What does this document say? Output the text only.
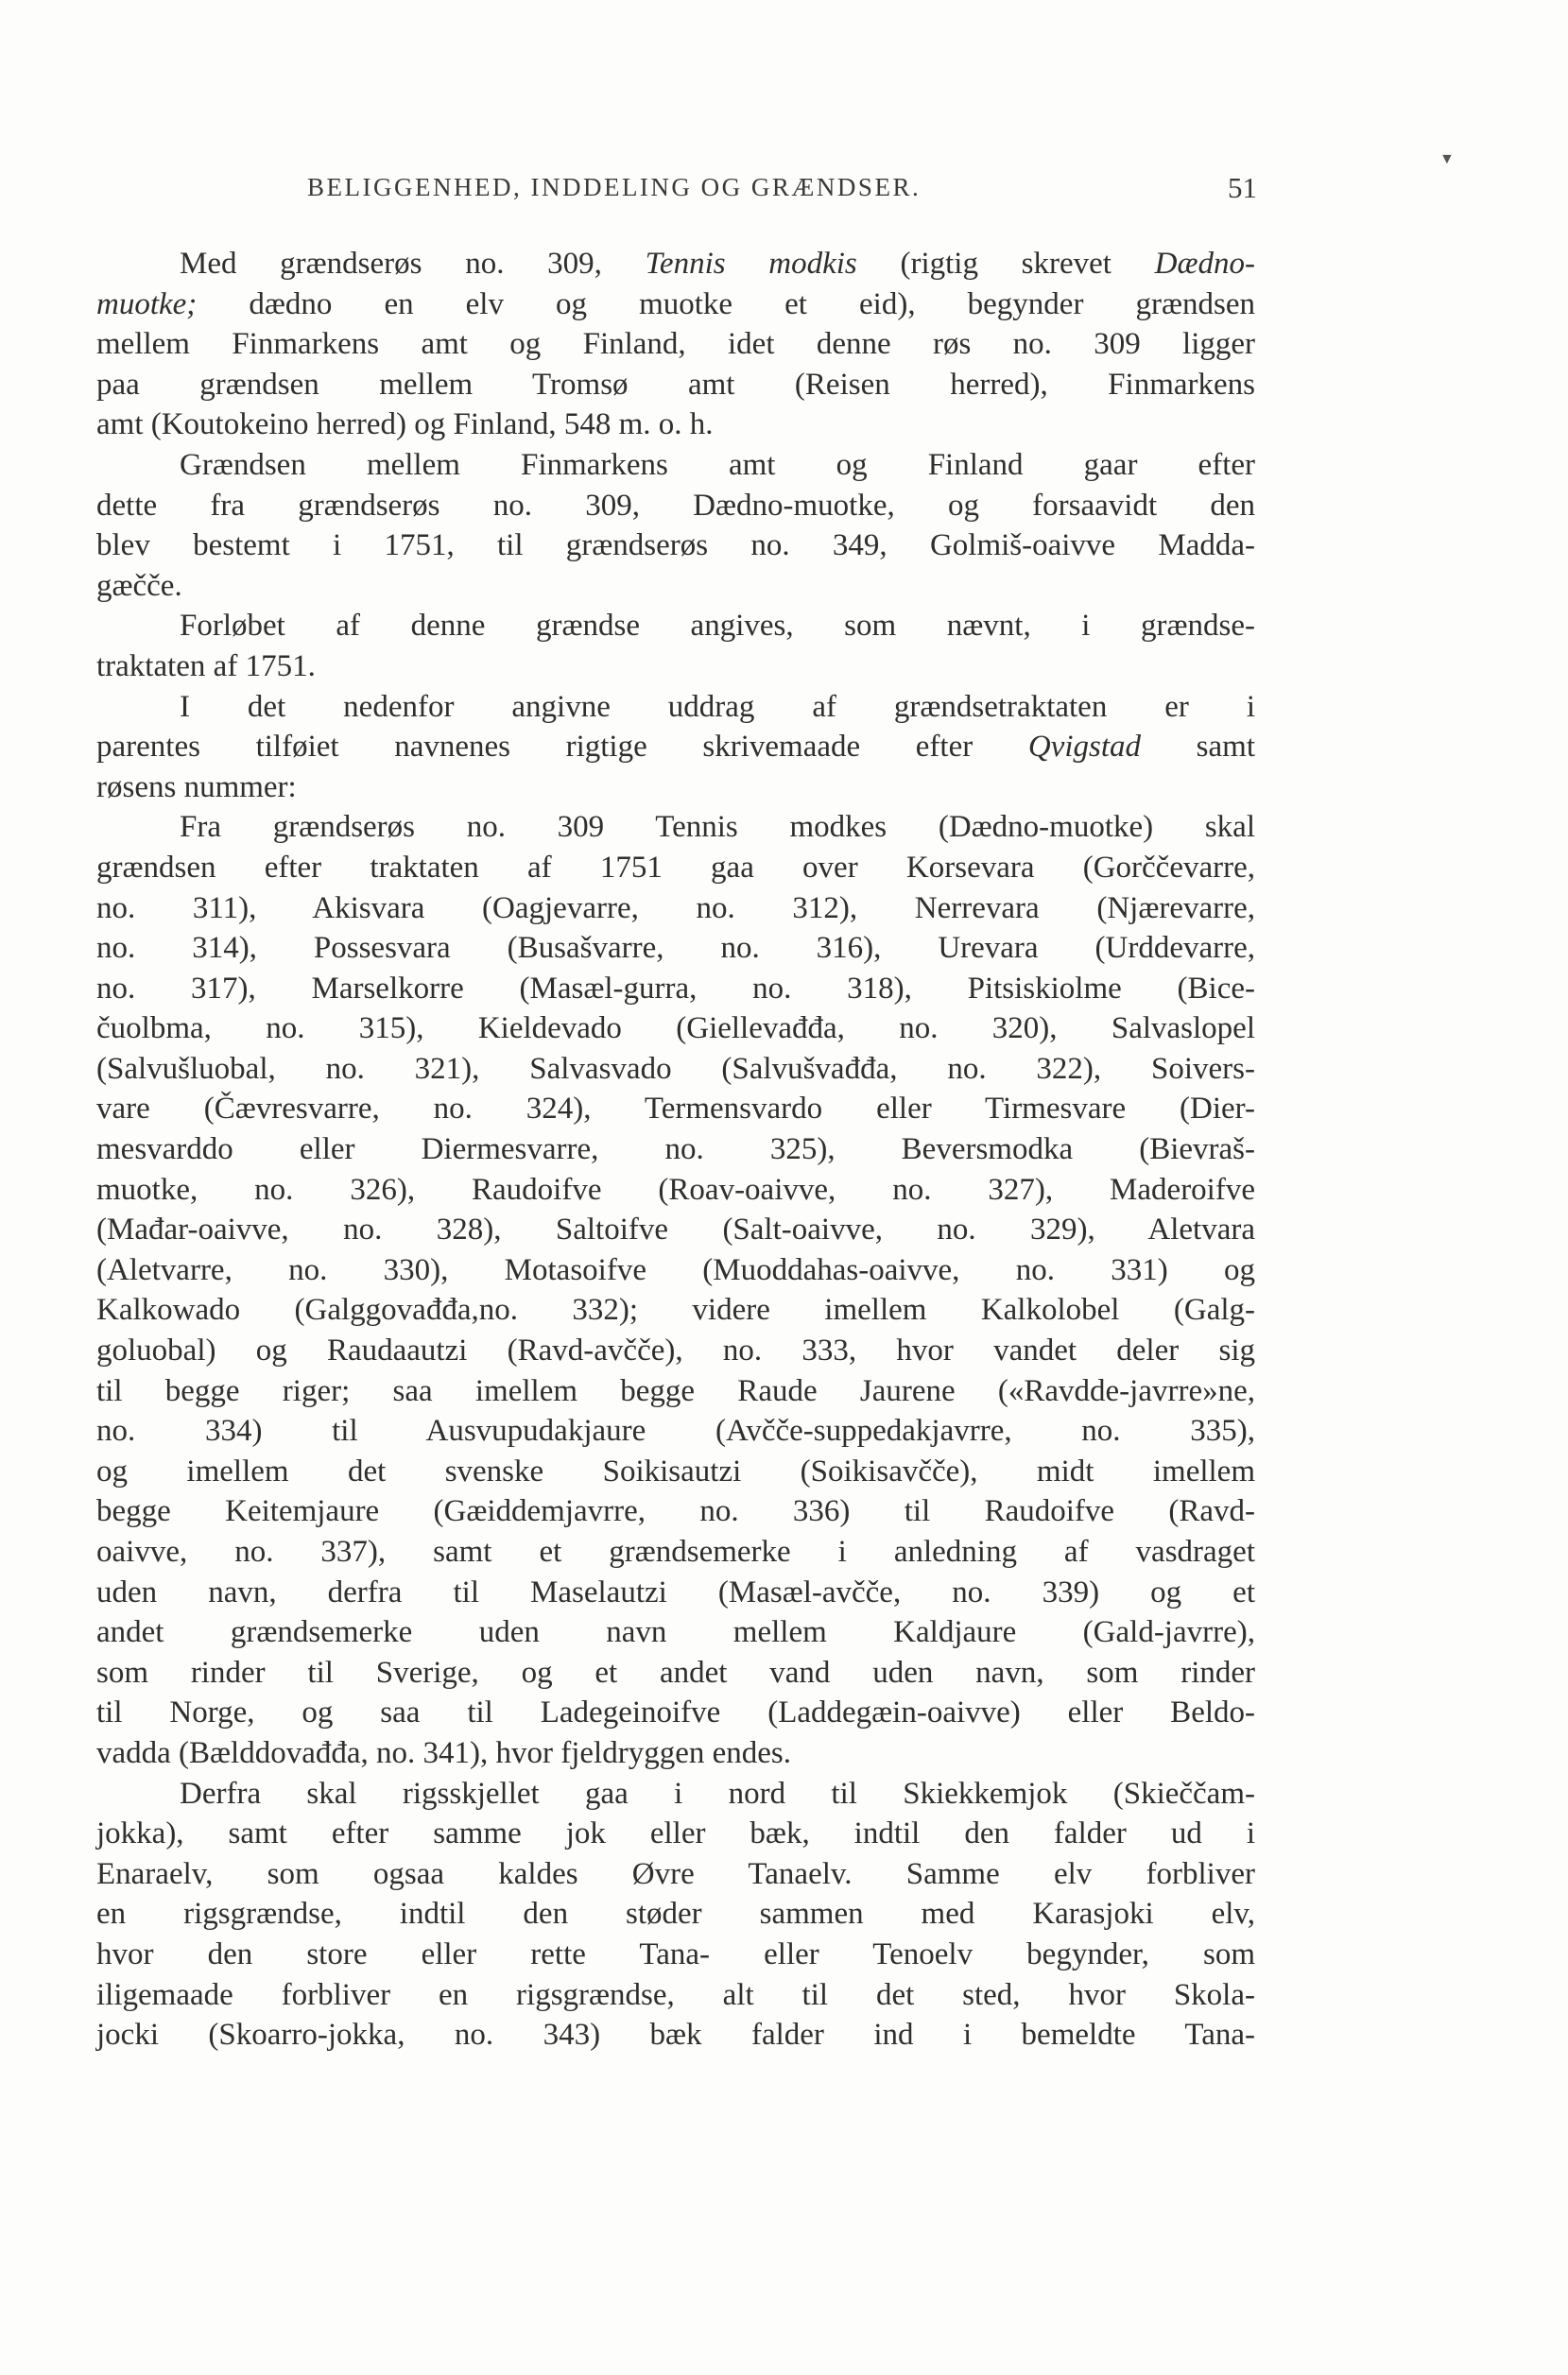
▼
BELIGGENHED, INDDELING OG GRÆNDSER.	51
Med grændserøs no. 309, Tennis modkis (rigtig skrevet Dædno-
muotke; dædno en elv og muotke et eid), begynder grændsen
mellem Finmarkens amt og Finland, idet denne røs no. 309 ligger
paa grændsen mellem Tromsø amt (Reisen herred), Finmarkens
amt (Koutokeino herred) og Finland, 548 m. o. h.
Grændsen mellem Finmarkens amt og Finland gaar efter
dette fra grændserøs no. 309, Dædno-muotke, og forsaavidt den
blev bestemt i 1751, til grændserøs no. 349, Golmiš-oaivve Madda-
gæčče.
Forløbet af denne grændse angives, som nævnt, i grændse-
traktaten af 1751.
I det nedenfor angivne uddrag af grændsetraktaten er i
parentes tilføiet navnenes rigtige skrivemaade efter Qvigstad samt
røsens nummer:
Fra grændserøs no. 309 Tennis modkes (Dædno-muotke) skal
grændsen efter traktaten af 1751 gaa over Korsevara (Gorččevarre,
no. 311), Akisvara (Oagjevarre, no. 312), Nerrevara (Njærevarre,
no. 314), Possesvara (Busašvarre, no. 316), Urevara (Urddevarre,
no. 317), Marselkorre (Masæl-gurra, no. 318), Pitsiskiolme (Bice-
čuolbma, no. 315), Kieldevado (Giellevađđa, no. 320), Salvaslopel
(Salvušluobal, no. 321), Salvasvado (Salvušvađđa, no. 322), Soivers-
vare (Čævresvarre, no. 324), Termensvardo eller Tirmesvare (Dier-
mesvarddo eller Diermesvarre, no. 325), Beversmodka (Bievraš-
muotke, no. 326), Raudoifve (Roav-oaivve, no. 327), Maderoifve
(Mađar-oaivve, no. 328), Saltoifve (Salt-oaivve, no. 329), Aletvara
(Aletvarre, no. 330), Motasoifve (Muoddahas-oaivve, no. 331) og
Kalkowado (Galggovađđa,no. 332); videre imellem Kalkolobel (Galg-
goluobal) og Raudaautzi (Ravd-avčče), no. 333, hvor vandet deler sig
til begge riger; saa imellem begge Raude Jaurene («Ravdde-javrre»ne,
no. 334) til Ausvupudakjaure (Avčče-suppedakjavrre, no. 335),
og imellem det svenske Soikisautzi (Soikisavčče), midt imellem
begge Keitemjaure (Gæiddemjavrre, no. 336) til Raudoifve (Ravd-
oaivve, no. 337), samt et grændsemerke i anledning af vasdraget
uden navn, derfra til Maselautzi (Masæl-avčče, no. 339) og et
andet grændsemerke uden navn mellem Kaldjaure (Gald-javrre),
som rinder til Sverige, og et andet vand uden navn, som rinder
til Norge, og saa til Ladegeinoifve (Laddegæin-oaivve) eller Beldo-
vadda (Bælddovađđa, no. 341), hvor fjeldryggen endes.
Derfra skal rigsskjellet gaa i nord til Skiekkemjok (Skieččam-
jokka), samt efter samme jok eller bæk, indtil den falder ud i
Enaraelv, som ogsaa kaldes Øvre Tanaelv. Samme elv forbliver
en rigsgrændse, indtil den støder sammen med Karasjoki elv,
hvor den store eller rette Tana- eller Tenoelv begynder, som
iligemaade forbliver en rigsgrændse, alt til det sted, hvor Skola-
jocki (Skoarro-jokka, no. 343) bæk falder ind i bemeldte Tana-
